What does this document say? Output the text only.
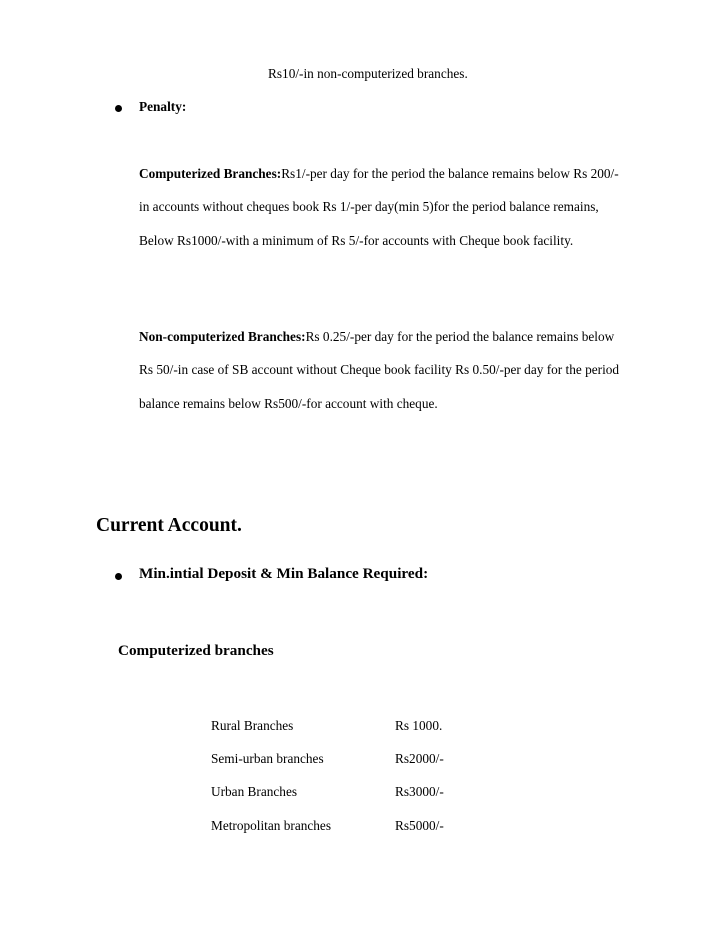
Rs10/-in non-computerized branches.
Penalty:
Computerized Branches:Rs1/-per day for the period the balance remains below Rs 200/-
in accounts without cheques book Rs 1/-per day(min 5)for the period balance remains,
Below Rs1000/-with a minimum of Rs 5/-for accounts with Cheque book facility.
Non-computerized Branches:Rs 0.25/-per day for the period the balance remains below
Rs 50/-in case of SB account without Cheque book facility Rs 0.50/-per day for the period
balance remains below Rs500/-for account with cheque.
Current Account.
Min.intial Deposit & Min Balance Required:
Computerized branches
Rural Branches	Rs 1000.
Semi-urban branches	Rs2000/-
Urban Branches	Rs3000/-
Metropolitan branches	Rs5000/-
